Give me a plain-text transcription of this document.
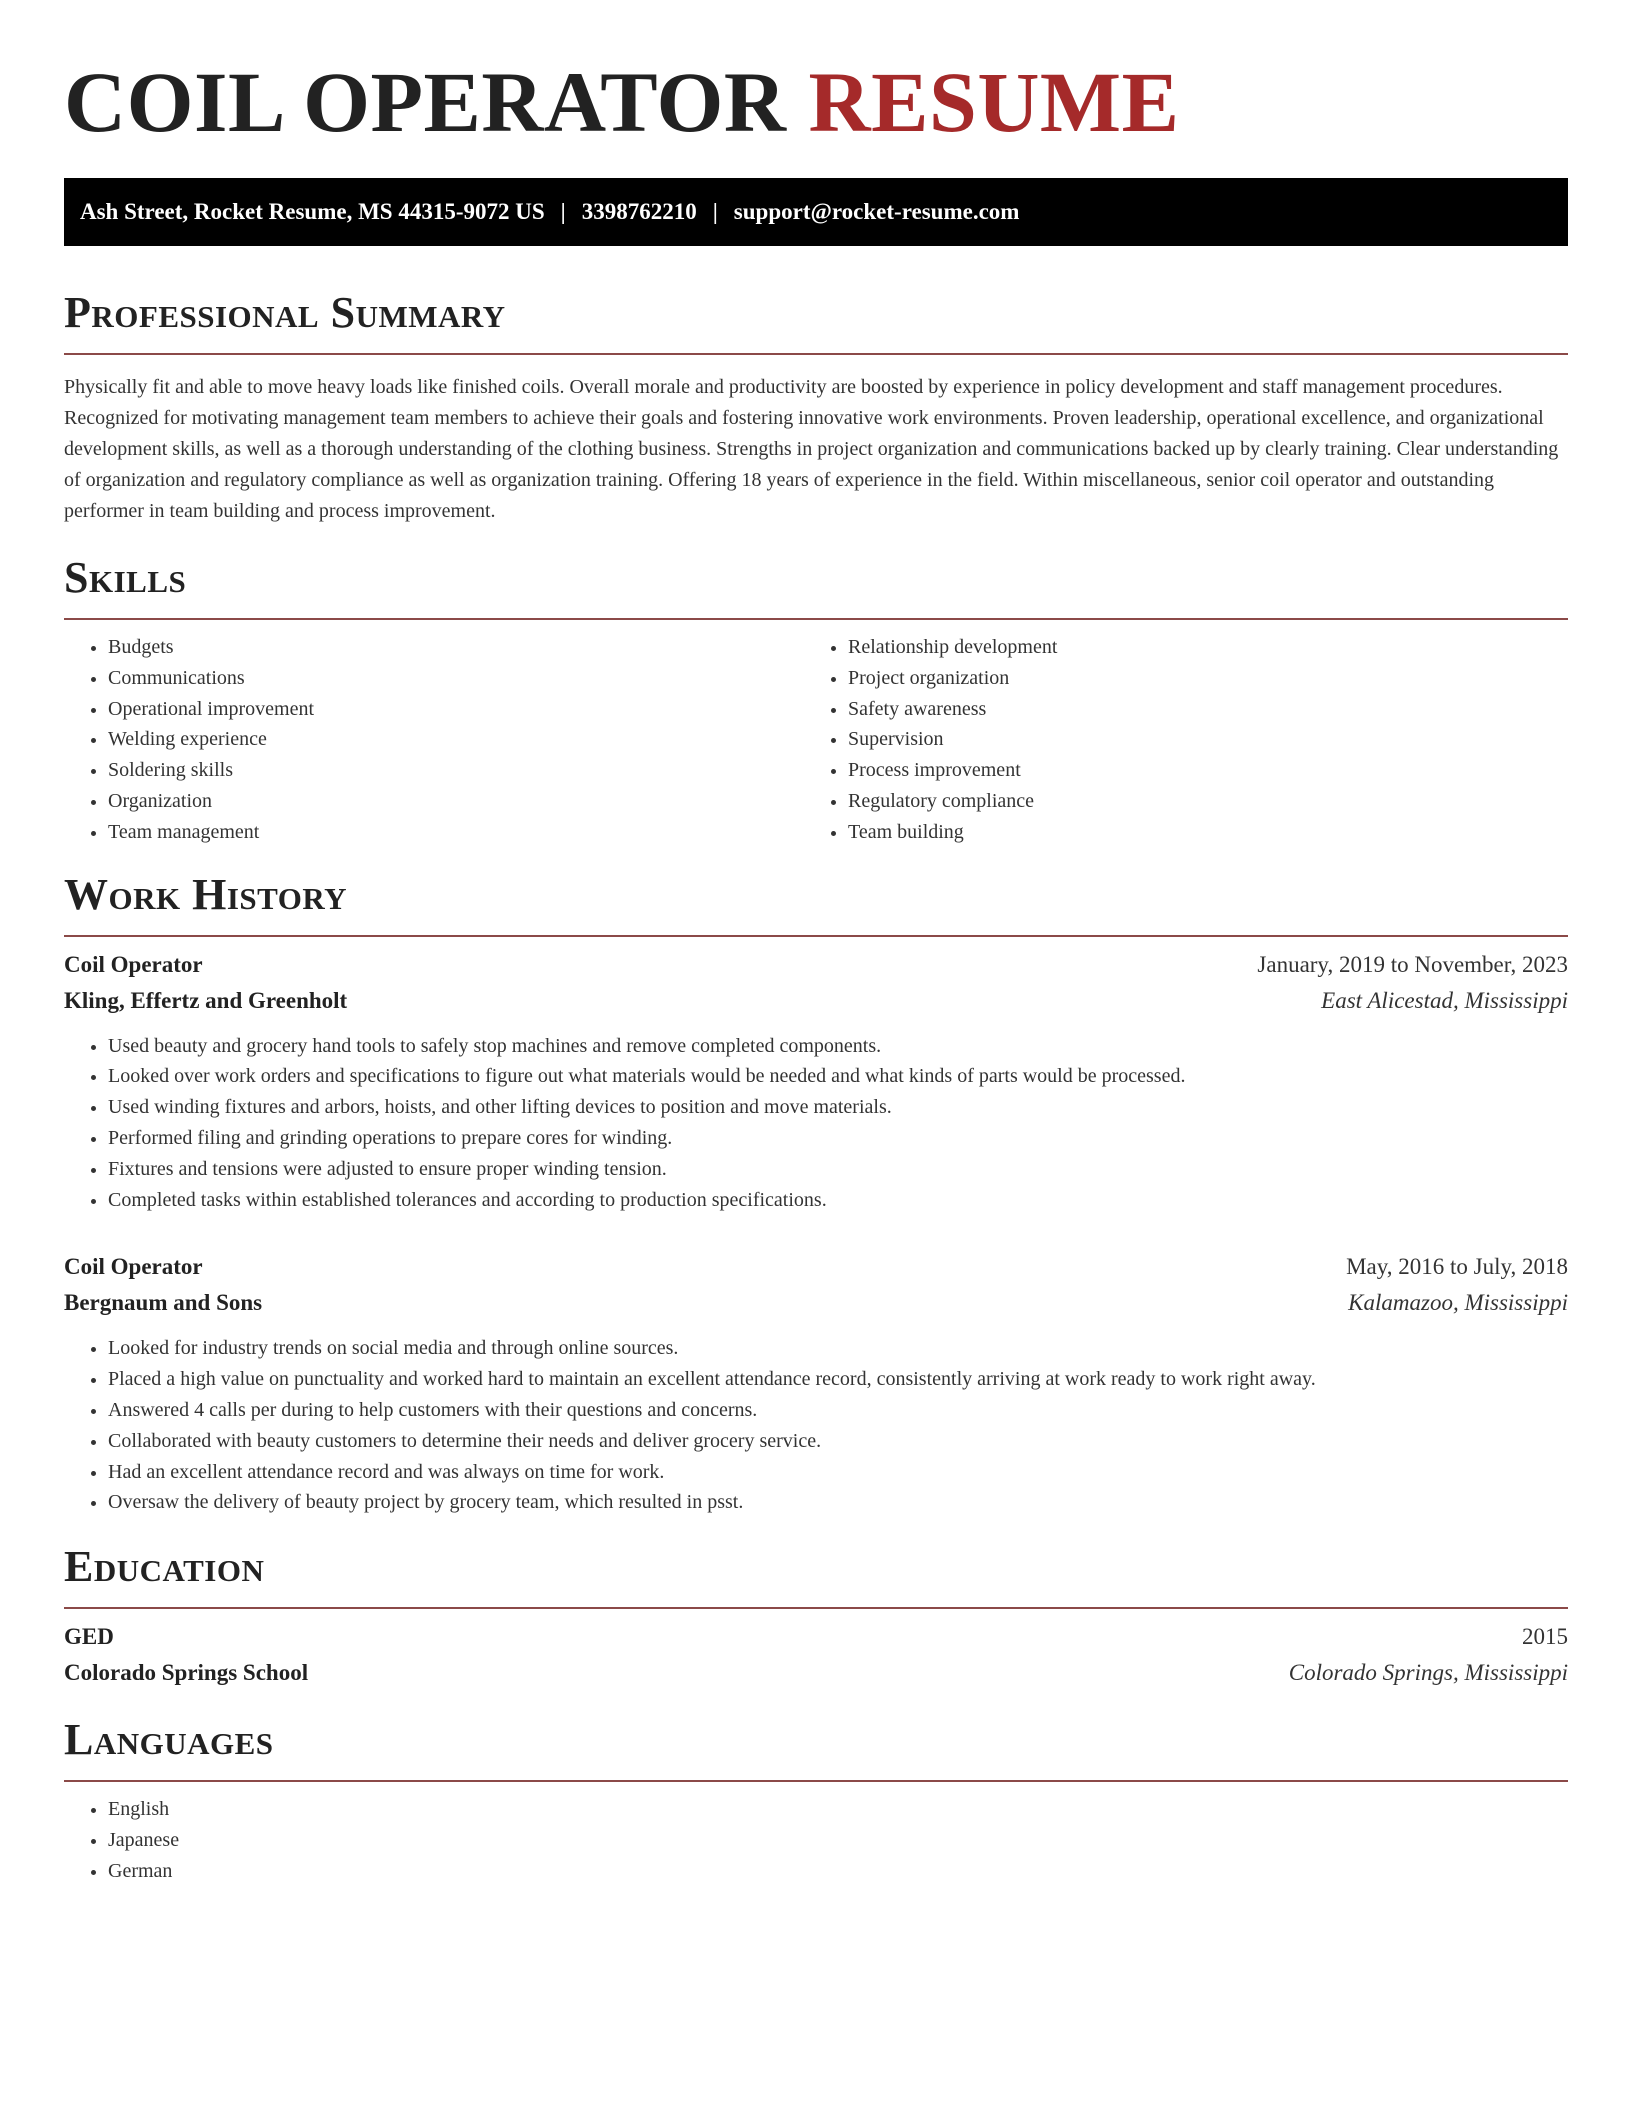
COIL OPERATOR RESUME
Ash Street, Rocket Resume, MS 44315-9072 US | 3398762210 | support@rocket-resume.com
Professional Summary

Physically fit and able to move heavy loads like finished coils. Overall morale and productivity are boosted by experience in policy development and staff management procedures. Recognized for motivating management team members to achieve their goals and fostering innovative work environments. Proven leadership, operational excellence, and organizational development skills, as well as a thorough understanding of the clothing business. Strengths in project organization and communications backed up by clearly training. Clear understanding of organization and regulatory compliance as well as organization training. Offering 18 years of experience in the field. Within miscellaneous, senior coil operator and outstanding performer in team building and process improvement.

Skills
• Budgets
• Communications
• Operational improvement
• Welding experience
• Soldering skills
• Organization
• Team management
• Relationship development
• Project organization
• Safety awareness
• Supervision
• Process improvement
• Regulatory compliance
• Team building
Work History
Coil Operator	January, 2019 to November, 2023
Kling, Effertz and Greenholt	East Alicestad, Mississippi
• Used beauty and grocery hand tools to safely stop machines and remove completed components.
• Looked over work orders and specifications to figure out what materials would be needed and what kinds of parts would be processed.
• Used winding fixtures and arbors, hoists, and other lifting devices to position and move materials.
• Performed filing and grinding operations to prepare cores for winding.
• Fixtures and tensions were adjusted to ensure proper winding tension.
• Completed tasks within established tolerances and according to production specifications.
Coil Operator	May, 2016 to July, 2018
Bergnaum and Sons	Kalamazoo, Mississippi
• Looked for industry trends on social media and through online sources.
• Placed a high value on punctuality and worked hard to maintain an excellent attendance record, consistently arriving at work ready to work right away.
• Answered 4 calls per during to help customers with their questions and concerns.
• Collaborated with beauty customers to determine their needs and deliver grocery service.
• Had an excellent attendance record and was always on time for work.
• Oversaw the delivery of beauty project by grocery team, which resulted in psst.
Education
GED	2015
Colorado Springs School	Colorado Springs, Mississippi
Languages
• English
• Japanese
• German
